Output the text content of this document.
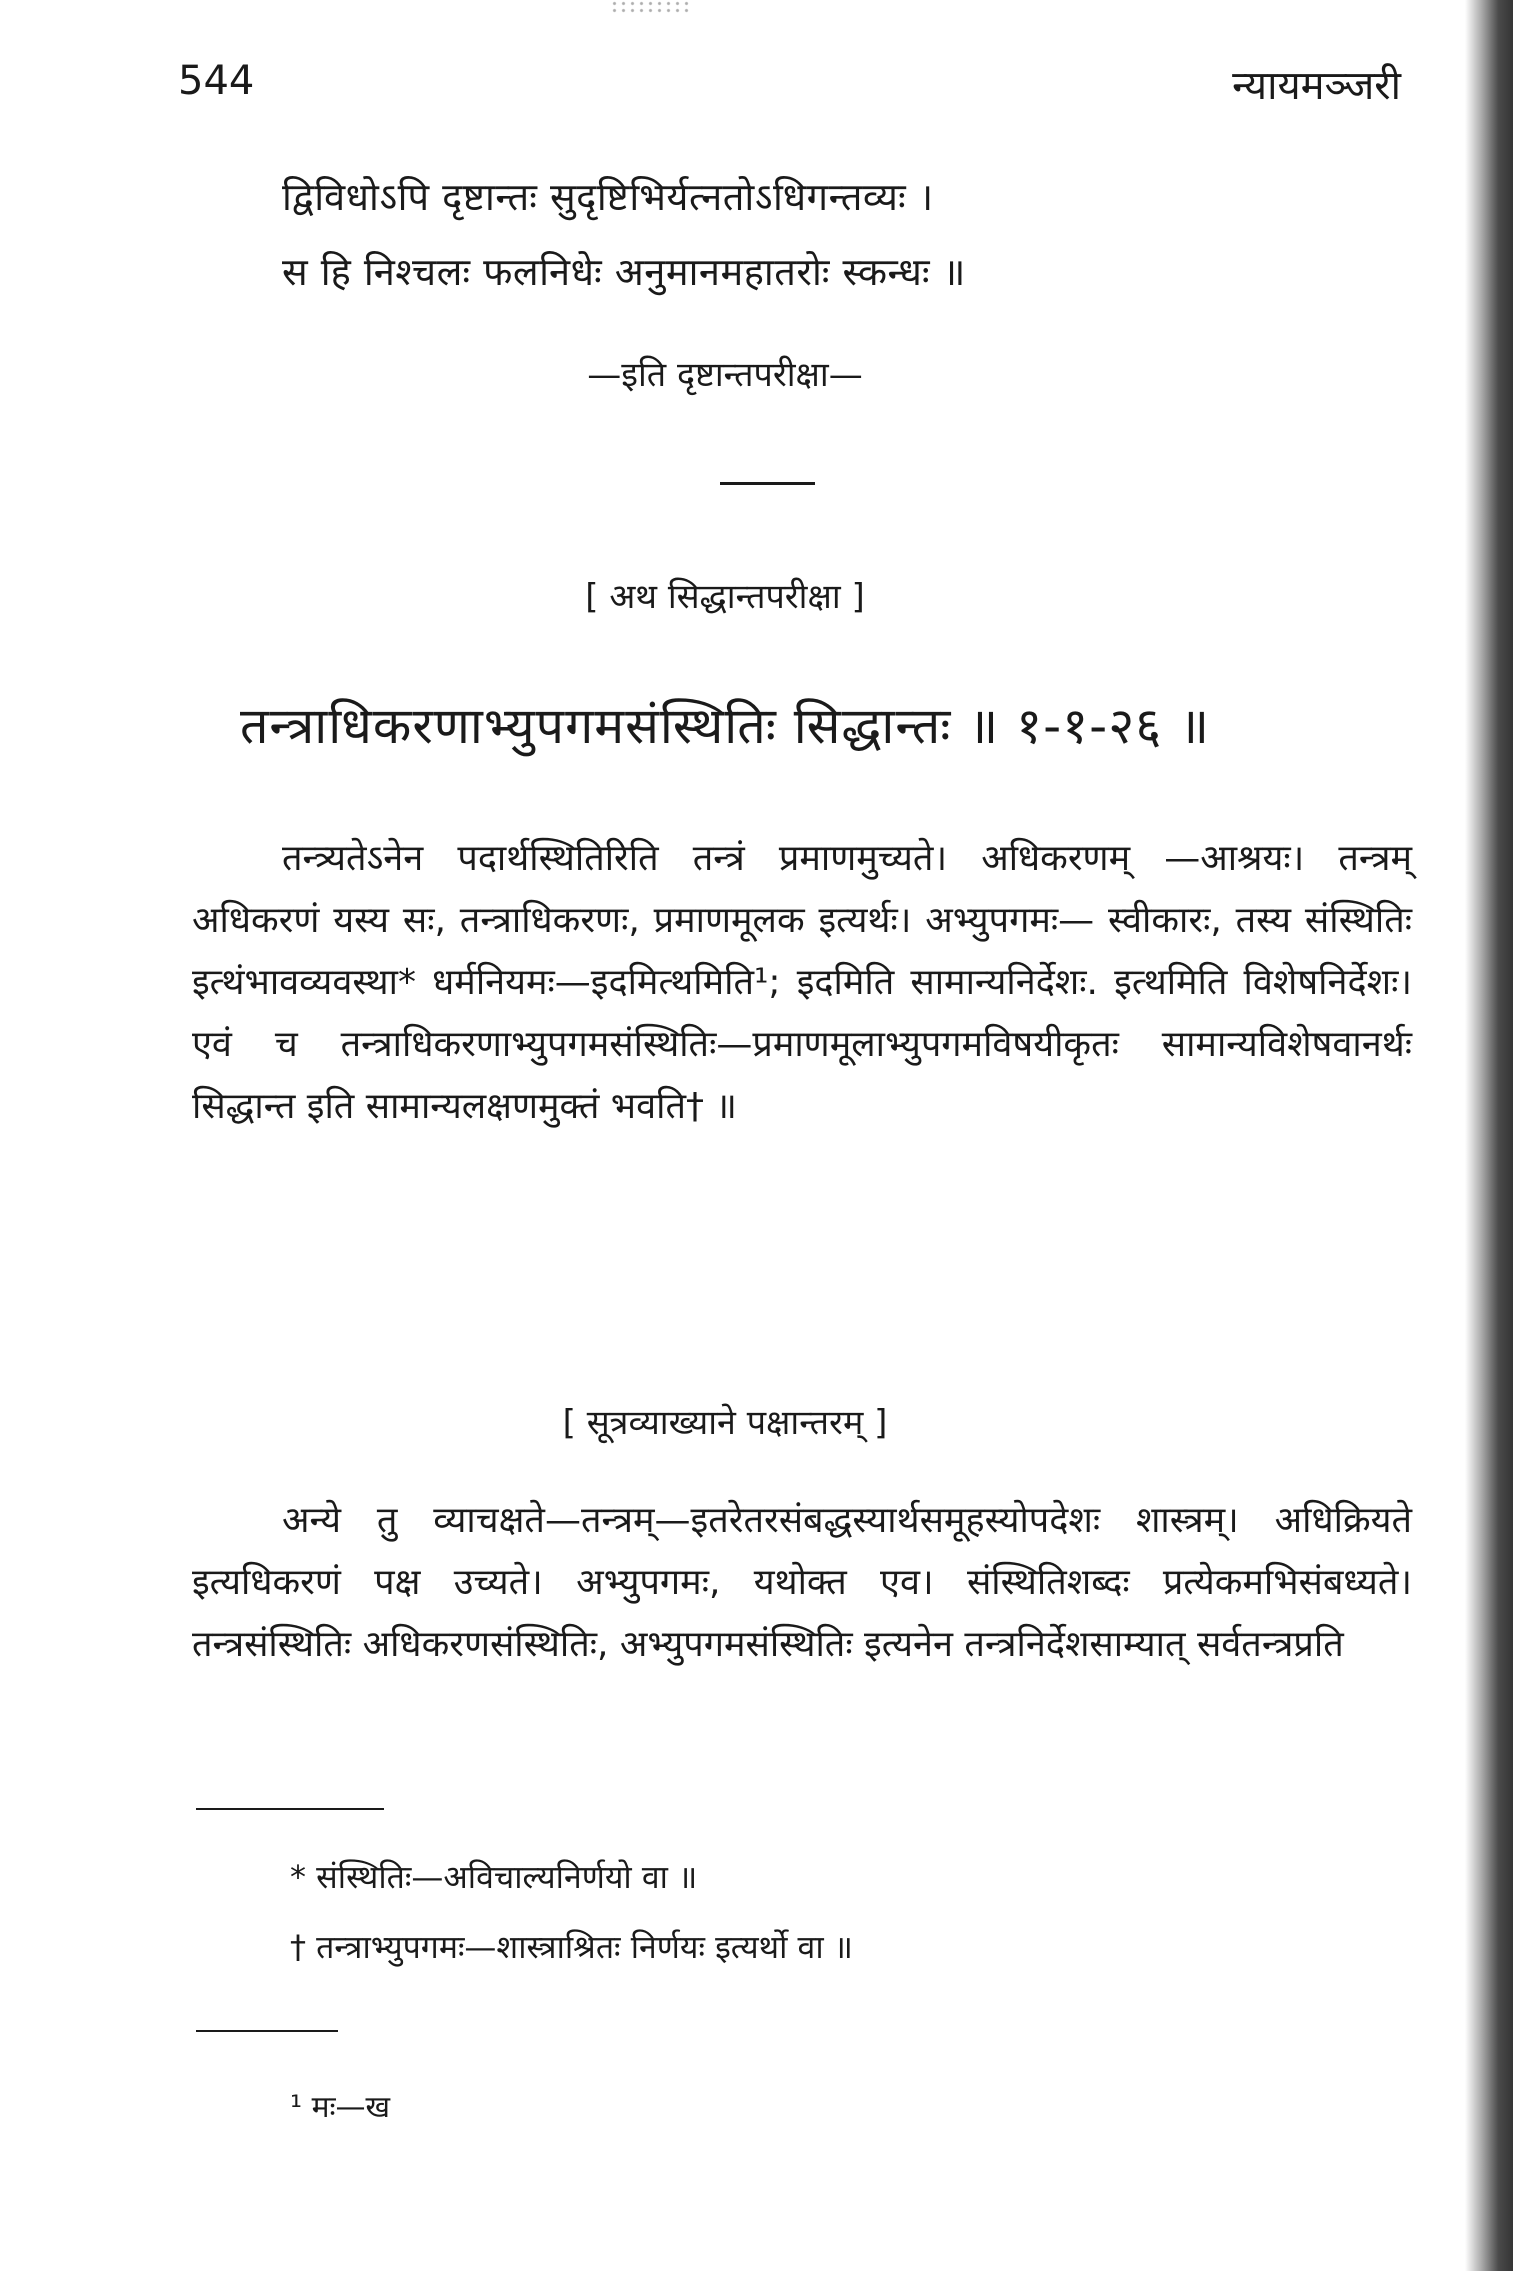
544	न्यायमञ्जरी
द्विविधोऽपि दृष्टान्तः सुदृष्टिभिर्यत्नतोऽधिगन्तव्यः ।
स हि निश्चलः फलनिधेः अनुमानमहातरोः स्कन्धः ॥
—इति दृष्टान्तपरीक्षा—
[ अथ सिद्धान्तपरीक्षा ]
तन्त्राधिकरणाभ्युपगमसंस्थितिः सिद्धान्तः ॥ १-१-२६ ॥
तन्त्र्यतेऽनेन पदार्थस्थितिरिति तन्त्रं प्रमाणमुच्यते। अधिकरणम् —आश्रयः। तन्त्रम् अधिकरणं यस्य सः, तन्त्राधिकरणः, प्रमाणमूलक इत्यर्थः। अभ्युपगमः— स्वीकारः, तस्य संस्थितिः इत्थंभावव्यवस्था* धर्मनियमः—इदमित्थमिति¹; इदमिति सामान्यनिर्देशः. इत्थमिति विशेषनिर्देशः। एवं च तन्त्राधिकरणाभ्युपगमसंस्थितिः—प्रमाणमूलाभ्युपगमविषयीकृतः सामान्यविशेषवानर्थः सिद्धान्त इति सामान्यलक्षणमुक्तं भवति† ॥
[ सूत्रव्याख्याने पक्षान्तरम् ]
अन्ये तु व्याचक्षते—तन्त्रम्—इतरेतरसंबद्धस्यार्थसमूहस्योपदेशः शास्त्रम्। अधिक्रियते इत्यधिकरणं पक्ष उच्यते। अभ्युपगमः, यथोक्त एव। संस्थितिशब्दः प्रत्येकमभिसंबध्यते। तन्त्रसंस्थितिः अधिकरणसंस्थितिः, अभ्युपगमसंस्थितिः इत्यनेन तन्त्रनिर्देशसाम्यात् सर्वतन्त्रप्रति
* संस्थितिः—अविचाल्यनिर्णयो वा ॥
† तन्त्राभ्युपगमः—शास्त्राश्रितः निर्णयः इत्यर्थो वा ॥
¹ मः—ख
